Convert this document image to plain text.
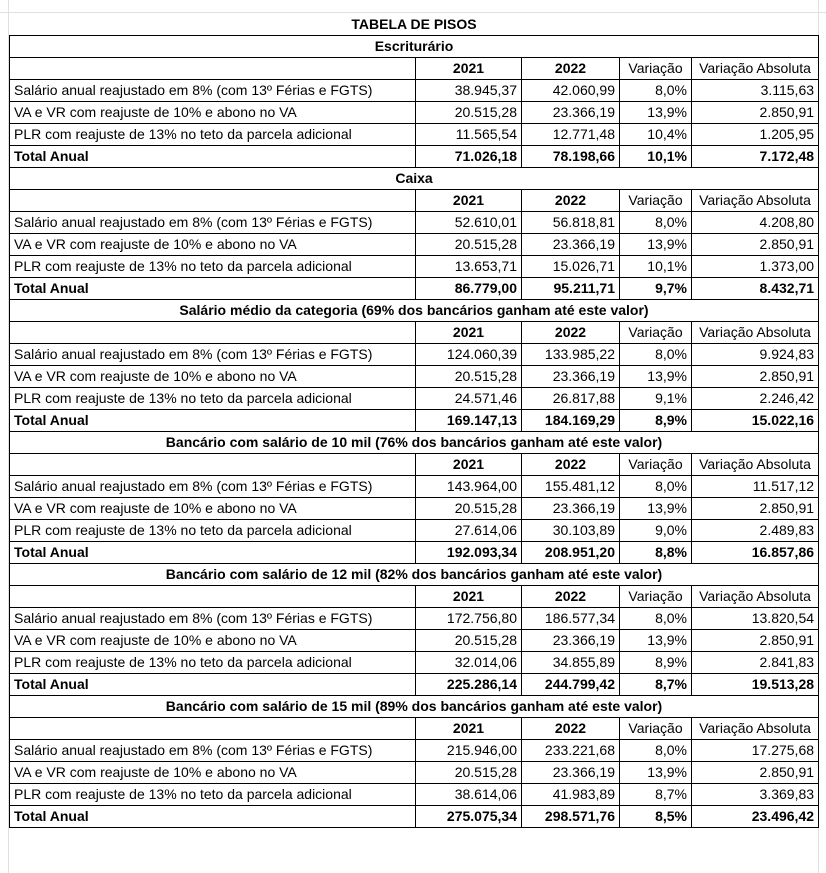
TABELA DE PISOS				
Escriturário				
	2021	2022	Variação	Variação Absoluta
Salário anual reajustado em 8% (com 13º Férias e FGTS)	38.945,37	42.060,99	8,0%	3.115,63
VA e VR com reajuste de 10% e abono no VA	20.515,28	23.366,19	13,9%	2.850,91
PLR com reajuste de 13% no teto da parcela adicional	11.565,54	12.771,48	10,4%	1.205,95
Total Anual	71.026,18	78.198,66	10,1%	7.172,48
Caixa				
	2021	2022	Variação	Variação Absoluta
Salário anual reajustado em 8% (com 13º Férias e FGTS)	52.610,01	56.818,81	8,0%	4.208,80
VA e VR com reajuste de 10% e abono no VA	20.515,28	23.366,19	13,9%	2.850,91
PLR com reajuste de 13% no teto da parcela adicional	13.653,71	15.026,71	10,1%	1.373,00
Total Anual	86.779,00	95.211,71	9,7%	8.432,71
Salário médio da categoria (69% dos bancários ganham até este valor)				
	2021	2022	Variação	Variação Absoluta
Salário anual reajustado em 8% (com 13º Férias e FGTS)	124.060,39	133.985,22	8,0%	9.924,83
VA e VR com reajuste de 10% e abono no VA	20.515,28	23.366,19	13,9%	2.850,91
PLR com reajuste de 13% no teto da parcela adicional	24.571,46	26.817,88	9,1%	2.246,42
Total Anual	169.147,13	184.169,29	8,9%	15.022,16
Bancário com salário de 10 mil (76% dos bancários ganham até este valor)				
	2021	2022	Variação	Variação Absoluta
Salário anual reajustado em 8% (com 13º Férias e FGTS)	143.964,00	155.481,12	8,0%	11.517,12
VA e VR com reajuste de 10% e abono no VA	20.515,28	23.366,19	13,9%	2.850,91
PLR com reajuste de 13% no teto da parcela adicional	27.614,06	30.103,89	9,0%	2.489,83
Total Anual	192.093,34	208.951,20	8,8%	16.857,86
Bancário com salário de 12 mil (82% dos bancários ganham até este valor)				
	2021	2022	Variação	Variação Absoluta
Salário anual reajustado em 8% (com 13º Férias e FGTS)	172.756,80	186.577,34	8,0%	13.820,54
VA e VR com reajuste de 10% e abono no VA	20.515,28	23.366,19	13,9%	2.850,91
PLR com reajuste de 13% no teto da parcela adicional	32.014,06	34.855,89	8,9%	2.841,83
Total Anual	225.286,14	244.799,42	8,7%	19.513,28
Bancário com salário de 15 mil (89% dos bancários ganham até este valor)				
	2021	2022	Variação	Variação Absoluta
Salário anual reajustado em 8% (com 13º Férias e FGTS)	215.946,00	233.221,68	8,0%	17.275,68
VA e VR com reajuste de 10% e abono no VA	20.515,28	23.366,19	13,9%	2.850,91
PLR com reajuste de 13% no teto da parcela adicional	38.614,06	41.983,89	8,7%	3.369,83
Total Anual	275.075,34	298.571,76	8,5%	23.496,42
